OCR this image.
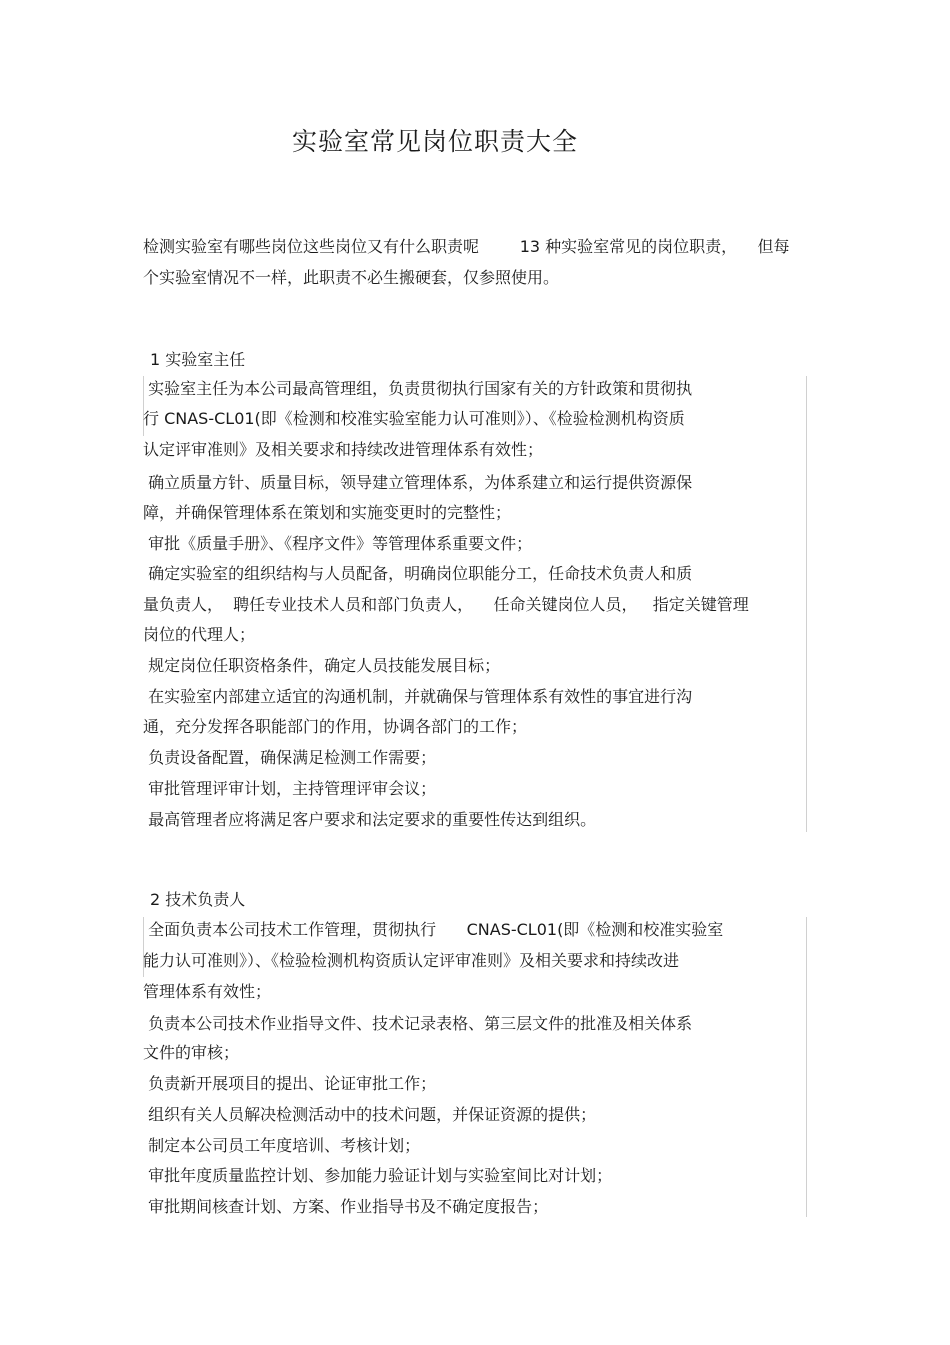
实验室常见岗位职责大全
检测实验室有哪些岗位这些岗位又有什么职责呢        13 种实验室常见的岗位职责，    但每
个实验室情况不一样，此职责不必生搬硬套，仅参照使用。
1 实验室主任
实验室主任为本公司最高管理组，负责贯彻执行国家有关的方针政策和贯彻执
行 CNAS-CL01(即《检测和校准实验室能力认可准则》）、《检验检测机构资质
认定评审准则》及相关要求和持续改进管理体系有效性；
确立质量方针、质量目标，领导建立管理体系，为体系建立和运行提供资源保
障，并确保管理体系在策划和实施变更时的完整性；
审批《质量手册》、《程序文件》等管理体系重要文件；
确定实验室的组织结构与人员配备，明确岗位职能分工，任命技术负责人和质
量负责人，  聘任专业技术人员和部门负责人，    任命关键岗位人员，   指定关键管理
岗位的代理人；
规定岗位任职资格条件，确定人员技能发展目标；
在实验室内部建立适宜的沟通机制，并就确保与管理体系有效性的事宜进行沟
通，充分发挥各职能部门的作用，协调各部门的工作；
负责设备配置，确保满足检测工作需要；
审批管理评审计划，主持管理评审会议；
最高管理者应将满足客户要求和法定要求的重要性传达到组织。
2 技术负责人
全面负责本公司技术工作管理，贯彻执行      CNAS-CL01(即《检测和校准实验室
能力认可准则》）、《检验检测机构资质认定评审准则》及相关要求和持续改进
管理体系有效性；
负责本公司技术作业指导文件、技术记录表格、第三层文件的批准及相关体系
文件的审核；
负责新开展项目的提出、论证审批工作；
组织有关人员解决检测活动中的技术问题，并保证资源的提供；
制定本公司员工年度培训、考核计划；
审批年度质量监控计划、参加能力验证计划与实验室间比对计划；
审批期间核查计划、方案、作业指导书及不确定度报告；
